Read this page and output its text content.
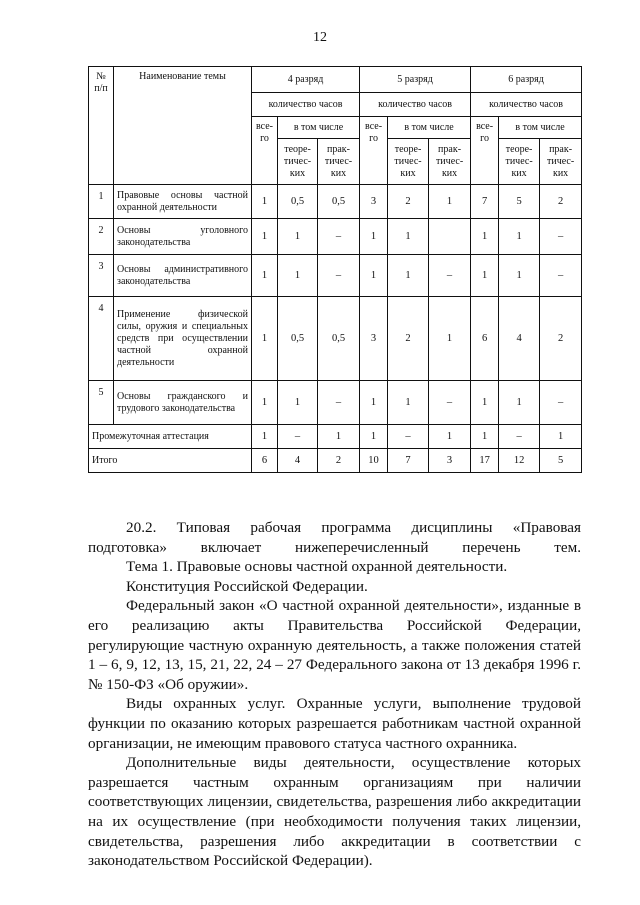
12
№ п/п	Наименование темы	4 разряд			5 разряд			6 разряд		
		количество часов			количество часов			количество часов		
		все-го	в том числе		все-го	в том числе		все-го	в том числе	
			теоре-тичес-ких	прак-тичес-ких		теоре-тичес-ких	прак-тичес-ких		теоре-тичес-ких	прак-тичес-ких
1	Правовые основы частной охранной деятельности	1	0,5	0,5	3	2	1	7	5	2
2	Основы уголовного законодательства	1	1	–	1	1		1	1	–
3	Основы административного законодательства	1	1	–	1	1	–	1	1	–
4	Применение физической силы, оружия и специальных средств при осуществлении частной охранной деятельности	1	0,5	0,5	3	2	1	6	4	2
5	Основы гражданского и трудового законодательства	1	1	–	1	1	–	1	1	–
Промежуточная аттестация		1	–	1	1	–	1	1	–	1
Итого		6	4	2	10	7	3	17	12	5

20.2. Типовая рабочая программа дисциплины «Правовая подготовка» включает нижеперечисленный перечень тем.

Тема 1. Правовые основы частной охранной деятельности.

Конституция Российской Федерации.

Федеральный закон «О частной охранной деятельности», изданные в его реализацию акты Правительства Российской Федерации, регулирующие частную охранную деятельность, а также положения статей 1 – 6, 9, 12, 13, 15, 21, 22, 24 – 27 Федерального закона от 13 декабря 1996 г. № 150-ФЗ «Об оружии».

Виды охранных услуг. Охранные услуги, выполнение трудовой функции по оказанию которых разрешается работникам частной охранной организации, не имеющим правового статуса частного охранника.

Дополнительные виды деятельности, осуществление которых разрешается частным охранным организациям при наличии соответствующих лицензии, свидетельства, разрешения либо аккредитации на их осуществление (при необходимости получения таких лицензии, свидетельства, разрешения либо аккредитации в соответствии с законодательством Российской Федерации).
